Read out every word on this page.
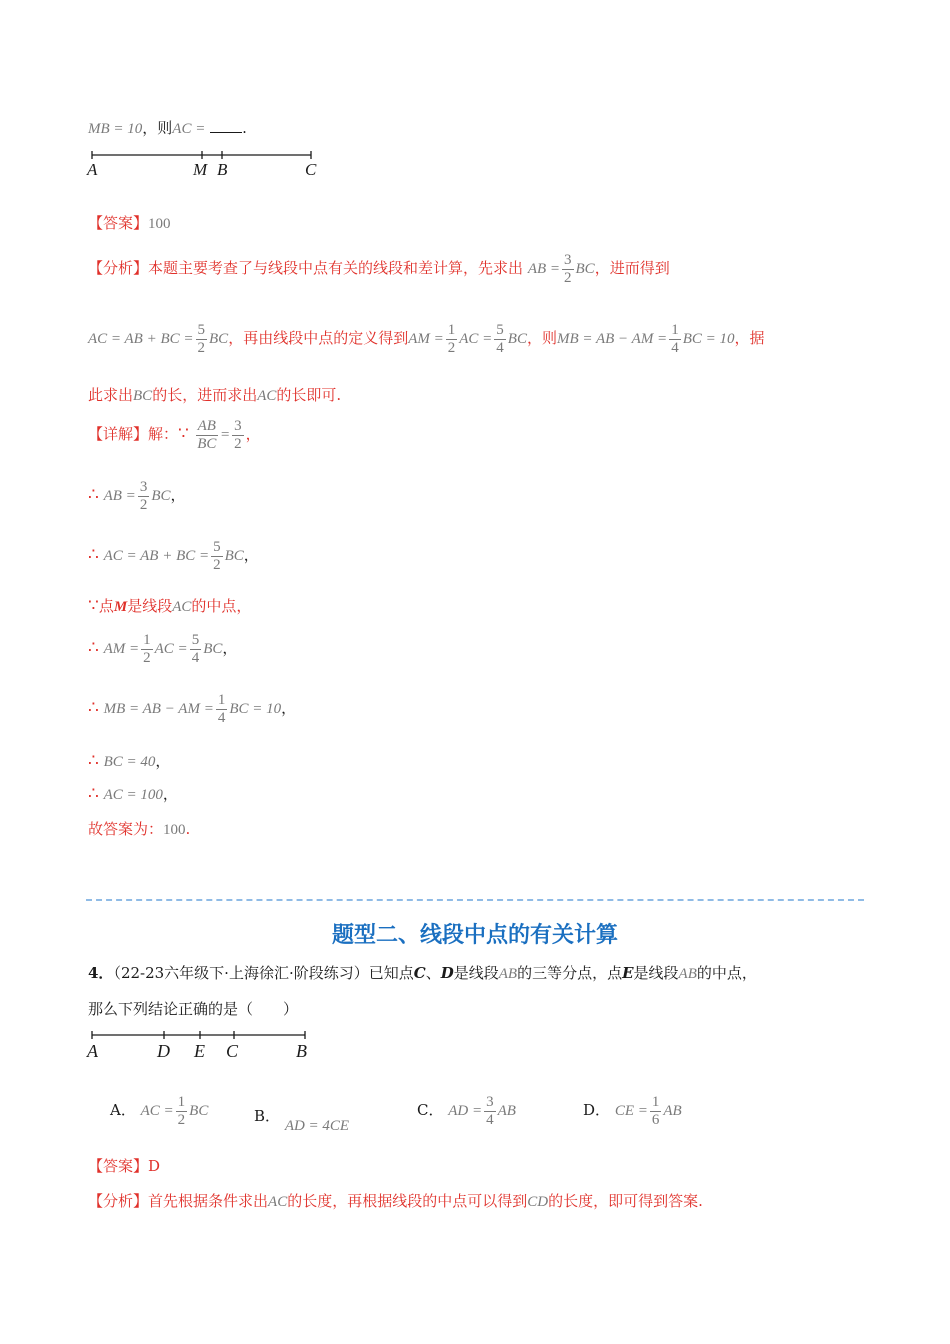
MB = 10，则AC = .
A	M B	C
【答案】100
【分析】本题主要考查了与线段中点有关的线段和差计算，先求出 AB = $\frac{3}{2}$ BC，进而得到
AC = AB + BC = $\frac{5}{2}$ BC，再由线段中点的定义得到AM = $\frac{1}{2}$ AC = $\frac{5}{4}$ BC，则MB = AB − AM = $\frac{1}{4}$ BC = 10，据
此求出BC的长，进而求出AC的长即可.
【详解】解：∵ $\frac{AB}{BC} = \frac{3}{2}$ ，
∴ AB = $\frac{3}{2}$ BC，
∴ AC = AB + BC = $\frac{5}{2}$ BC，
∵点M是线段AC的中点，
∴ AM = $\frac{1}{2}$ AC = $\frac{5}{4}$ BC，
∴ MB = AB − AM = $\frac{1}{4}$ BC = 10，
∴ BC = 40，
∴ AC = 100，
故答案为：100.
题型二、线段中点的有关计算
4．（22-23六年级下·上海徐汇·阶段练习）已知点C、D是线段AB的三等分点，点E是线段AB的中点，
那么下列结论正确的是（　　）
A	D E C	B
A． AC = $\frac{1}{2}$ BC	B． AD = 4CE
C． AD = $\frac{3}{4}$ AB	D． CE = $\frac{1}{6}$ AB
【答案】D
【分析】首先根据条件求出AC的长度，再根据线段的中点可以得到CD的长度，即可得到答案.
